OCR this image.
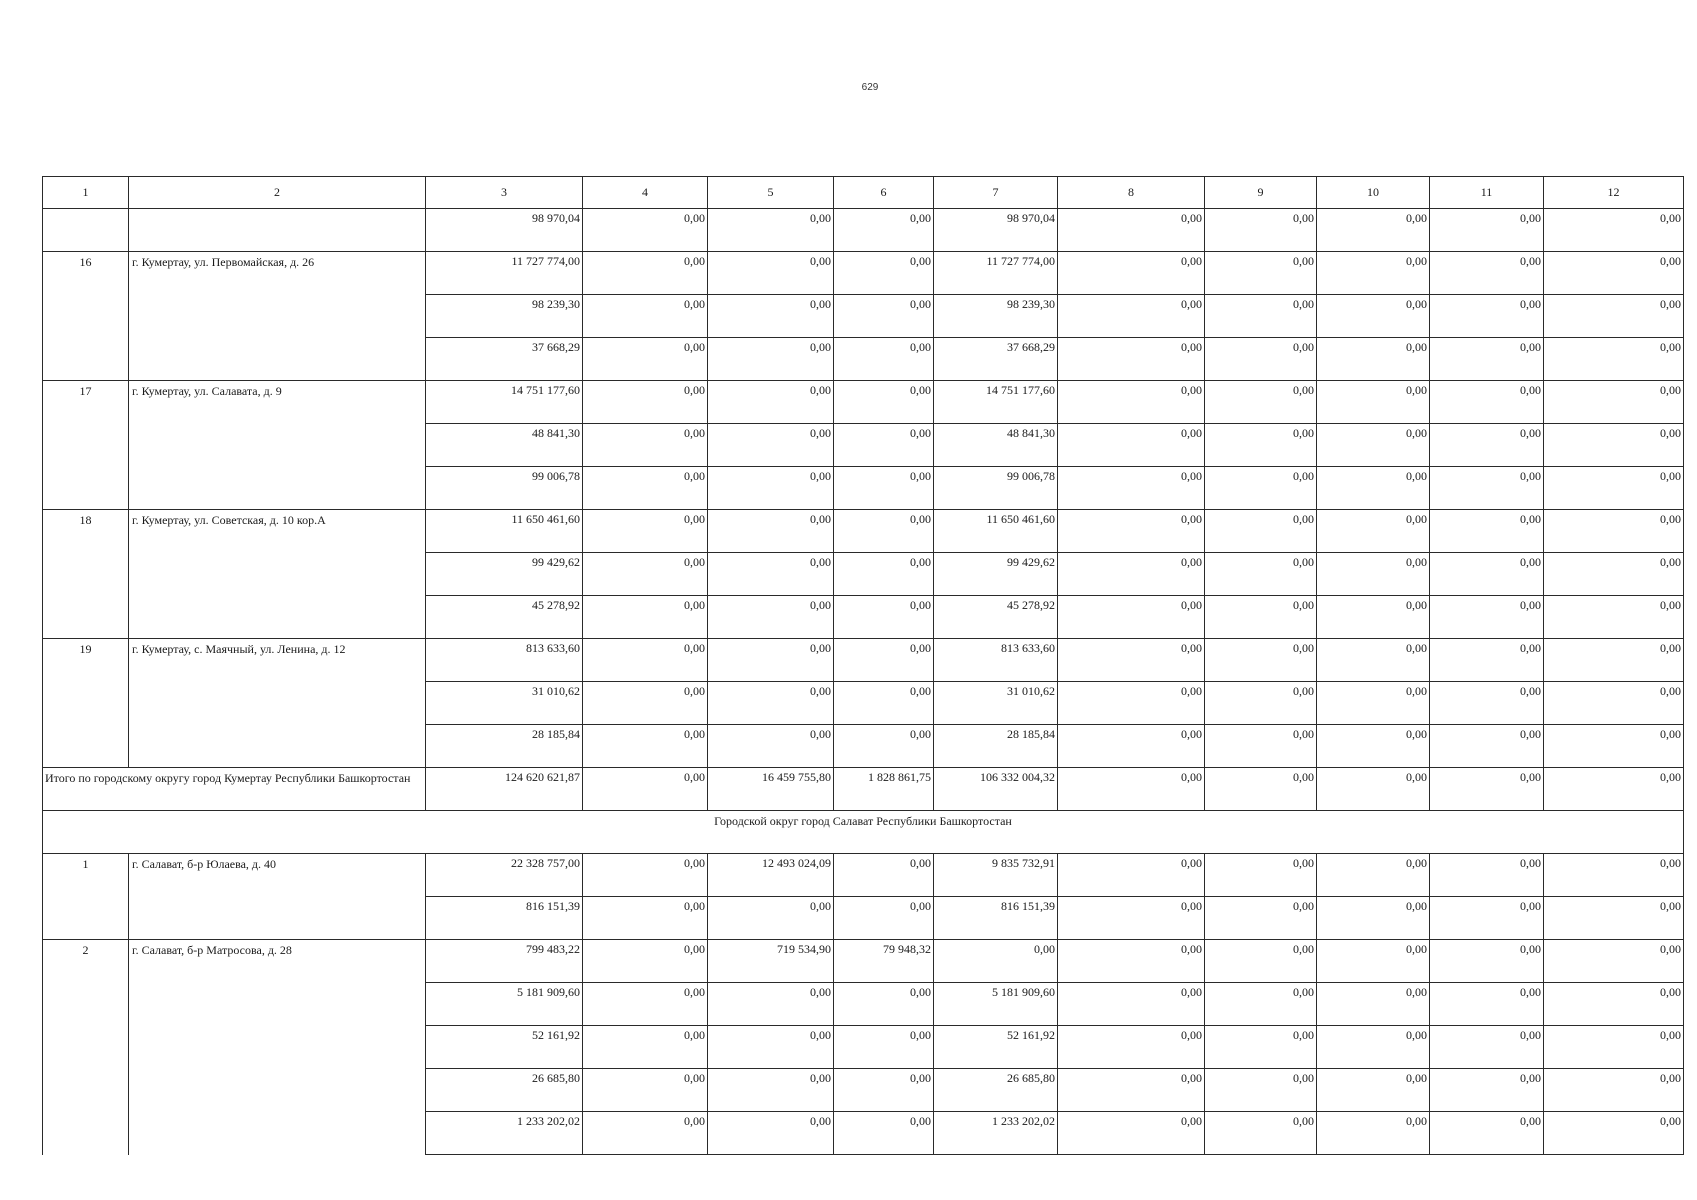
629
1	2	3	4	5	6	7	8	9	10	11	12
		98 970,04	0,00	0,00	0,00	98 970,04	0,00	0,00	0,00	0,00	0,00
16	г. Кумертау, ул. Первомайская, д. 26	11 727 774,00	0,00	0,00	0,00	11 727 774,00	0,00	0,00	0,00	0,00	0,00
		98 239,30	0,00	0,00	0,00	98 239,30	0,00	0,00	0,00	0,00	0,00
		37 668,29	0,00	0,00	0,00	37 668,29	0,00	0,00	0,00	0,00	0,00
17	г. Кумертау, ул. Салавата, д. 9	14 751 177,60	0,00	0,00	0,00	14 751 177,60	0,00	0,00	0,00	0,00	0,00
		48 841,30	0,00	0,00	0,00	48 841,30	0,00	0,00	0,00	0,00	0,00
		99 006,78	0,00	0,00	0,00	99 006,78	0,00	0,00	0,00	0,00	0,00
18	г. Кумертау, ул. Советская, д. 10 кор.А	11 650 461,60	0,00	0,00	0,00	11 650 461,60	0,00	0,00	0,00	0,00	0,00
		99 429,62	0,00	0,00	0,00	99 429,62	0,00	0,00	0,00	0,00	0,00
		45 278,92	0,00	0,00	0,00	45 278,92	0,00	0,00	0,00	0,00	0,00
19	г. Кумертау, с. Маячный, ул. Ленина, д. 12	813 633,60	0,00	0,00	0,00	813 633,60	0,00	0,00	0,00	0,00	0,00
		31 010,62	0,00	0,00	0,00	31 010,62	0,00	0,00	0,00	0,00	0,00
		28 185,84	0,00	0,00	0,00	28 185,84	0,00	0,00	0,00	0,00	0,00
Итого по городскому округу город Кумертау Республики Башкортостан		124 620 621,87	0,00	16 459 755,80	1 828 861,75	106 332 004,32	0,00	0,00	0,00	0,00	0,00
Городской округ город Салават Республики Башкортостан											
1	г. Салават, б-р Юлаева, д. 40	22 328 757,00	0,00	12 493 024,09	0,00	9 835 732,91	0,00	0,00	0,00	0,00	0,00
		816 151,39	0,00	0,00	0,00	816 151,39	0,00	0,00	0,00	0,00	0,00
2	г. Салават, б-р Матросова, д. 28	799 483,22	0,00	719 534,90	79 948,32	0,00	0,00	0,00	0,00	0,00	0,00
		5 181 909,60	0,00	0,00	0,00	5 181 909,60	0,00	0,00	0,00	0,00	0,00
		52 161,92	0,00	0,00	0,00	52 161,92	0,00	0,00	0,00	0,00	0,00
		26 685,80	0,00	0,00	0,00	26 685,80	0,00	0,00	0,00	0,00	0,00
		1 233 202,02	0,00	0,00	0,00	1 233 202,02	0,00	0,00	0,00	0,00	0,00
